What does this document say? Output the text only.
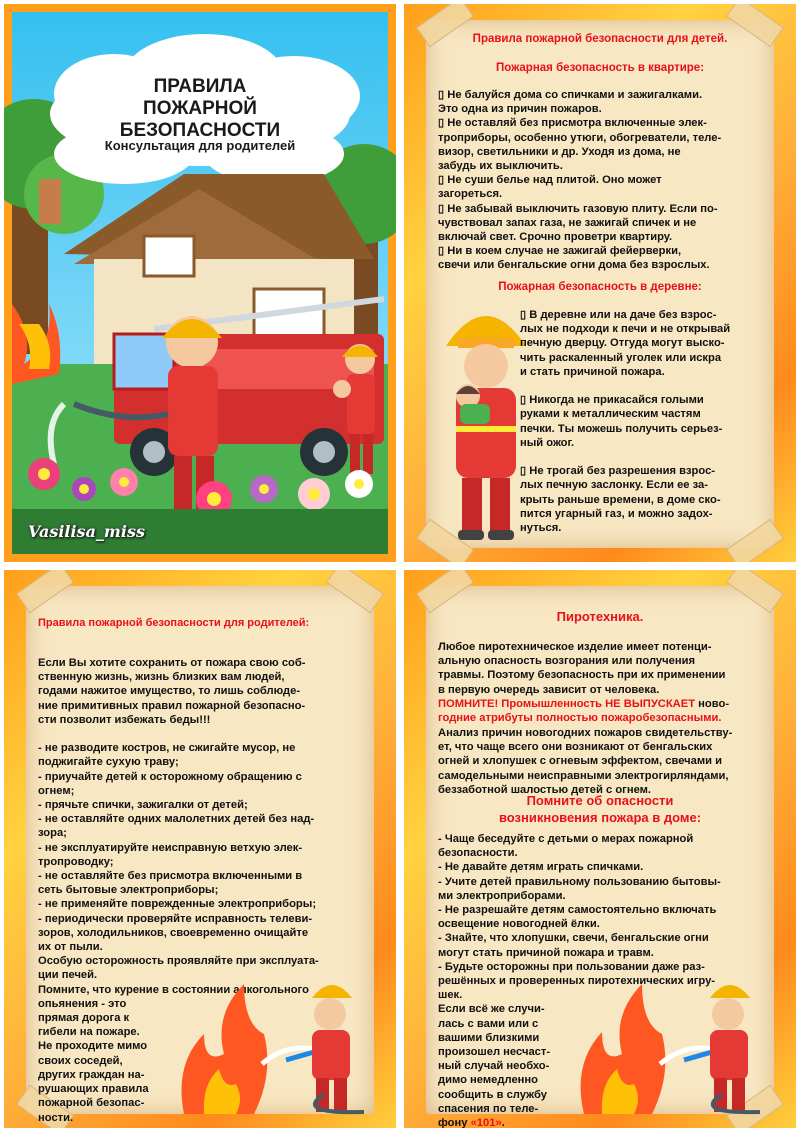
ПРАВИЛА
ПОЖАРНОЙ БЕЗОПАСНОСТИ
Консультация для родителей
Vasilisa_miss
Правила пожарной безопасности для детей.
Пожарная безопасность в квартире:

▯ Не балуйся дома со спичками и зажигалками.

Это одна из причин пожаров.

▯ Не оставляй без присмотра включенные элек-

троприборы, особенно утюги, обогреватели, теле-

визор, светильники и др. Уходя из дома, не

забудь их выключить.

▯ Не суши белье над плитой. Оно может

загореться.

▯ Не забывай выключить газовую плиту. Если по-

чувствовал запах газа, не зажигай спичек и не

включай свет. Срочно проветри квартиру.

▯ Ни в коем случае не зажигай фейерверки,

свечи или бенгальские огни дома без взрослых.

Пожарная безопасность в деревне:

▯ В деревне или на даче без взрос-

лых не подходи к печи и не открывай

печную дверцу. Отгуда могут выско-

чить раскаленный уголек или искра

и стать причиной пожара.

▯ Никогда не прикасайся голыми

руками к металлическим частям

печки. Ты можешь получить серьез-

ный ожог.

▯ Не трогай без разрешения взрос-

лых печную заслонку. Если ее за-

крыть раньше времени, в доме ско-

пится угарный газ, и можно задох-

нуться.

Правила пожарной безопасности для родителей:

Если Вы хотите сохранить от пожара свою соб-

ственную жизнь, жизнь близких вам людей,

годами нажитое имущество, то лишь соблюде-

ние примитивных правил пожарной безопасно-

сти позволит избежать беды!!!

- не разводите костров, не сжигайте мусор, не

поджигайте сухую траву;

- приучайте детей к осторожному обращению с

огнем;

- прячьте спички, зажигалки от детей;

- не оставляйте одних малолетних детей без над-

зора;

- не эксплуатируйте неисправную ветхую элек-

тропроводку;

- не оставляйте без присмотра включенными в

сеть бытовые электроприборы;

- не применяйте поврежденные электроприборы;

- периодически проверяйте исправность телеви-

зоров, холодильников, своевременно очищайте

их от пыли.

Особую осторожность проявляйте при эксплуата-

ции печей.

Помните, что курение в состоянии алкогольного

опьянения - это

прямая дорога к

гибели на пожаре.

Не проходите мимо

своих соседей,

других граждан на-

рушающих правила

пожарной безопас-

ности.

Пиротехника.

Любое пиротехническое изделие имеет потенци-

альную опасность возгорания или получения

травмы. Поэтому безопасность при их применении

в первую очередь зависит от человека.

ПОМНИТЕ! Промышленность НЕ ВЫПУСКАЕТ ново-

годние атрибуты полностью пожаробезопасными.

Анализ причин новогодних пожаров свидетельству-

ет, что чаще всего они возникают от бенгальских

огней и хлопушек с огневым эффектом, свечами и

самодельными неисправными электрогирляндами,

беззаботной шалостью детей с огнем.

Помните об опасности
возникновения пожара в доме:

- Чаще беседуйте с детьми о мерах пожарной

безопасности.

- Не давайте детям играть спичками.

- Учите детей правильному пользованию бытовы-

ми электроприборами.

- Не разрешайте детям самостоятельно включать

освещение новогодней ёлки.

- Знайте, что хлопушки, свечи, бенгальские огни

могут стать причиной пожара и травм.

- Будьте осторожны при пользовании даже раз-

решённых и проверенных пиротехнических игру-

шек.

Если всё же случи-

лась с вами или с

вашими близкими

произошел несчаст-

ный случай необхо-

димо немедленно

сообщить в службу

спасения по теле-

фону «101».
